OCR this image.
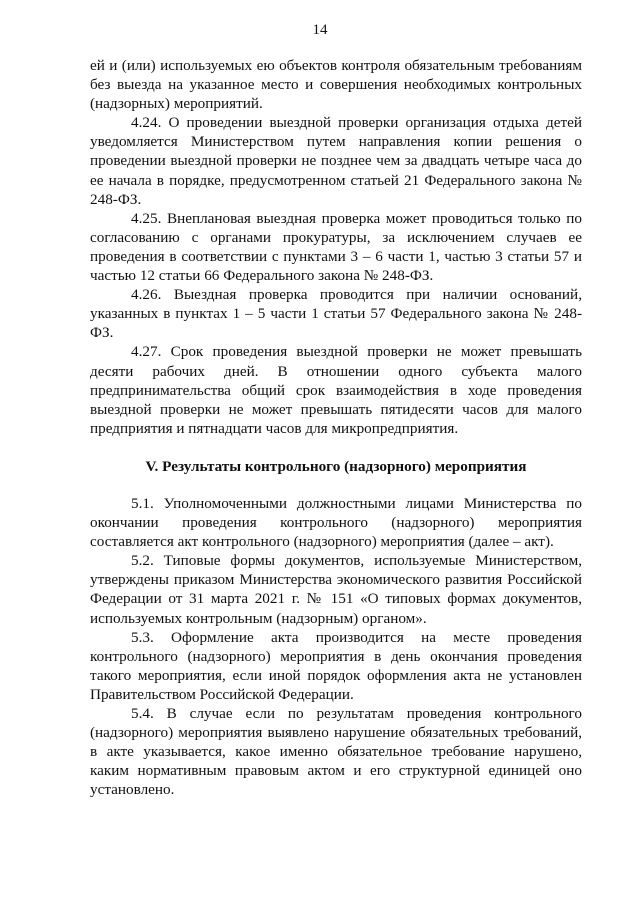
14

ей и (или) используемых ею объектов контроля обязательным требованиям без выезда на указанное место и совершения необходимых контрольных (надзорных) мероприятий.

4.24. О проведении выездной проверки организация отдыха детей уведомляется Министерством путем направления копии решения о проведении выездной проверки не позднее чем за двадцать четыре часа до ее начала в порядке, предусмотренном статьей 21 Федерального закона № 248-ФЗ.

4.25. Внеплановая выездная проверка может проводиться только по согласованию с органами прокуратуры, за исключением случаев ее проведения в соответствии с пунктами 3 – 6 части 1, частью 3 статьи 57 и частью 12 статьи 66 Федерального закона № 248-ФЗ.

4.26. Выездная проверка проводится при наличии оснований, указанных в пунктах 1 – 5 части 1 статьи 57 Федерального закона № 248-ФЗ.

4.27. Срок проведения выездной проверки не может превышать десяти рабочих дней. В отношении одного субъекта малого предпринимательства общий срок взаимодействия в ходе проведения выездной проверки не может превышать пятидесяти часов для малого предприятия и пятнадцати часов для микропредприятия.

V. Результаты контрольного (надзорного) мероприятия

5.1. Уполномоченными должностными лицами Министерства по окончании проведения контрольного (надзорного) мероприятия составляется акт контрольного (надзорного) мероприятия (далее – акт).

5.2. Типовые формы документов, используемые Министерством, утверждены приказом Министерства экономического развития Российской Федерации от 31 марта 2021 г. № 151 «О типовых формах документов, используемых контрольным (надзорным) органом».

5.3. Оформление акта производится на месте проведения контрольного (надзорного) мероприятия в день окончания проведения такого мероприятия, если иной порядок оформления акта не установлен Правительством Российской Федерации.

5.4. В случае если по результатам проведения контрольного (надзорного) мероприятия выявлено нарушение обязательных требований, в акте указывается, какое именно обязательное требование нарушено, каким нормативным правовым актом и его структурной единицей оно установлено.
